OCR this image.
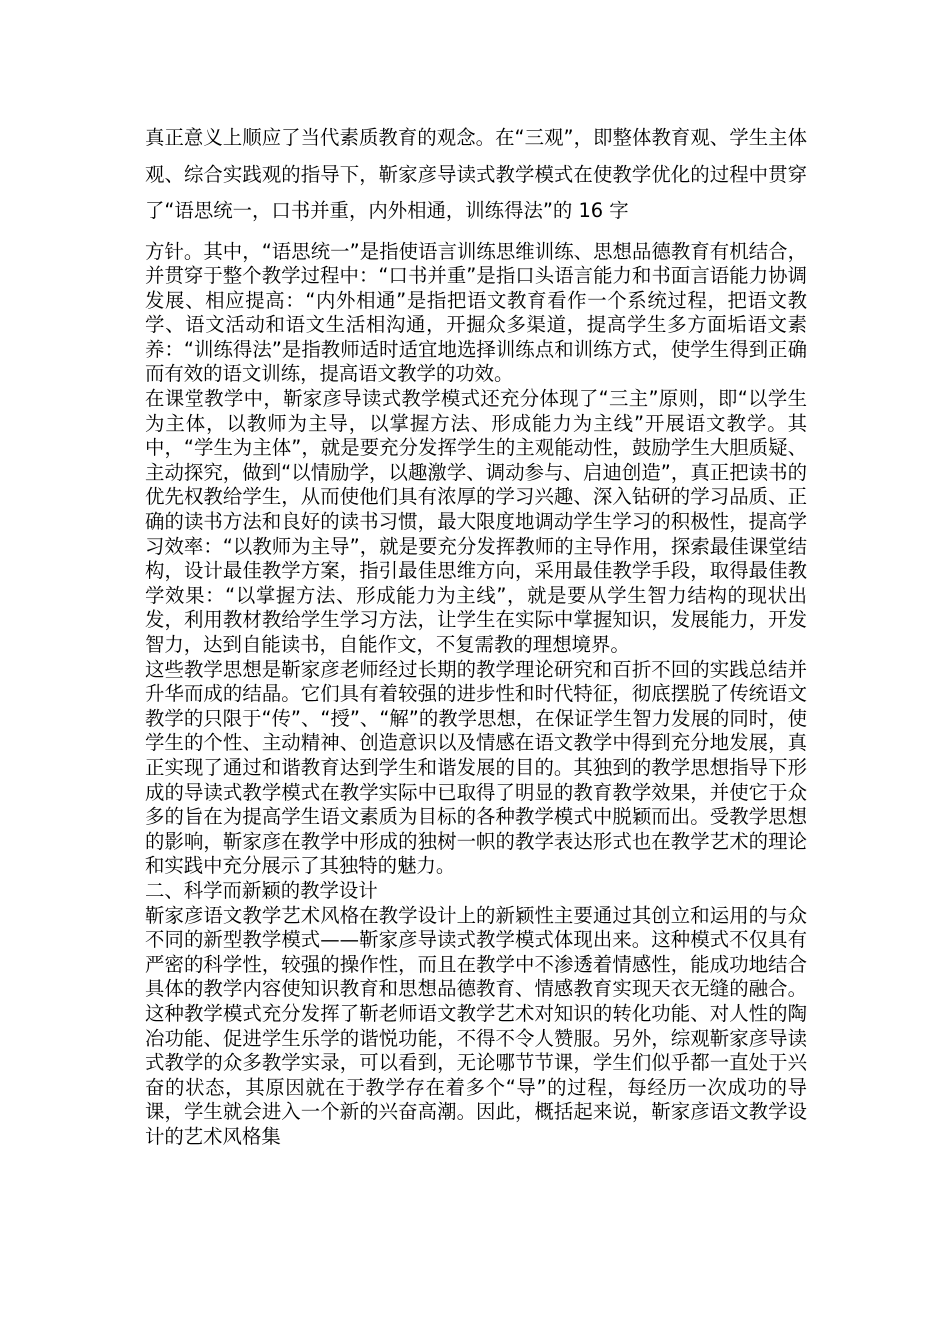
真正意义上顺应了当代素质教育的观念。在“三观”，即整体教育观、学生主体观、综合实践观的指导下，靳家彦导读式教学模式在使教学优化的过程中贯穿了“语思统一，口书并重，内外相通，训练得法”的 16 字

方针。其中，“语思统一”是指使语言训练思维训练、思想品德教育有机结合，并贯穿于整个教学过程中：“口书并重”是指口头语言能力和书面言语能力协调发展、相应提高：“内外相通”是指把语文教育看作一个系统过程，把语文教学、语文活动和语文生活相沟通，开掘众多渠道，提高学生多方面垢语文素养：“训练得法”是指教师适时适宜地选择训练点和训练方式，使学生得到正确而有效的语文训练，提高语文教学的功效。

在课堂教学中，靳家彦导读式教学模式还充分体现了“三主”原则，即“以学生为主体，以教师为主导，以掌握方法、形成能力为主线”开展语文教学。其中，“学生为主体”，就是要充分发挥学生的主观能动性，鼓励学生大胆质疑、主动探究，做到“以情励学，以趣激学、调动参与、启迪创造”，真正把读书的优先权教给学生，从而使他们具有浓厚的学习兴趣、深入钻研的学习品质、正确的读书方法和良好的读书习惯，最大限度地调动学生学习的积极性，提高学习效率：“以教师为主导”，就是要充分发挥教师的主导作用，探索最佳课堂结构，设计最佳教学方案，指引最佳思维方向，采用最佳教学手段，取得最佳教学效果：“以掌握方法、形成能力为主线”，就是要从学生智力结构的现状出发，利用教材教给学生学习方法，让学生在实际中掌握知识，发展能力，开发智力，达到自能读书，自能作文，不复需教的理想境界。

这些教学思想是靳家彦老师经过长期的教学理论研究和百折不回的实践总结并升华而成的结晶。它们具有着较强的进步性和时代特征，彻底摆脱了传统语文教学的只限于“传”、“授”、“解”的教学思想，在保证学生智力发展的同时，使学生的个性、主动精神、创造意识以及情感在语文教学中得到充分地发展，真正实现了通过和谐教育达到学生和谐发展的目的。其独到的教学思想指导下形成的导读式教学模式在教学实际中已取得了明显的教育教学效果，并使它于众多的旨在为提高学生语文素质为目标的各种教学模式中脱颖而出。受教学思想的影响，靳家彦在教学中形成的独树一帜的教学表达形式也在教学艺术的理论和实践中充分展示了其独特的魅力。

二、科学而新颖的教学设计

靳家彦语文教学艺术风格在教学设计上的新颖性主要通过其创立和运用的与众不同的新型教学模式——靳家彦导读式教学模式体现出来。这种模式不仅具有严密的科学性，较强的操作性，而且在教学中不渗透着情感性，能成功地结合具体的教学内容使知识教育和思想品德教育、情感教育实现天衣无缝的融合。这种教学模式充分发挥了靳老师语文教学艺术对知识的转化功能、对人性的陶冶功能、促进学生乐学的谐悦功能，不得不令人赞服。另外，综观靳家彦导读式教学的众多教学实录，可以看到，无论哪节节课，学生们似乎都一直处于兴奋的状态，其原因就在于教学存在着多个“导”的过程，每经历一次成功的导课，学生就会进入一个新的兴奋高潮。因此，概括起来说，靳家彦语文教学设计的艺术风格集
